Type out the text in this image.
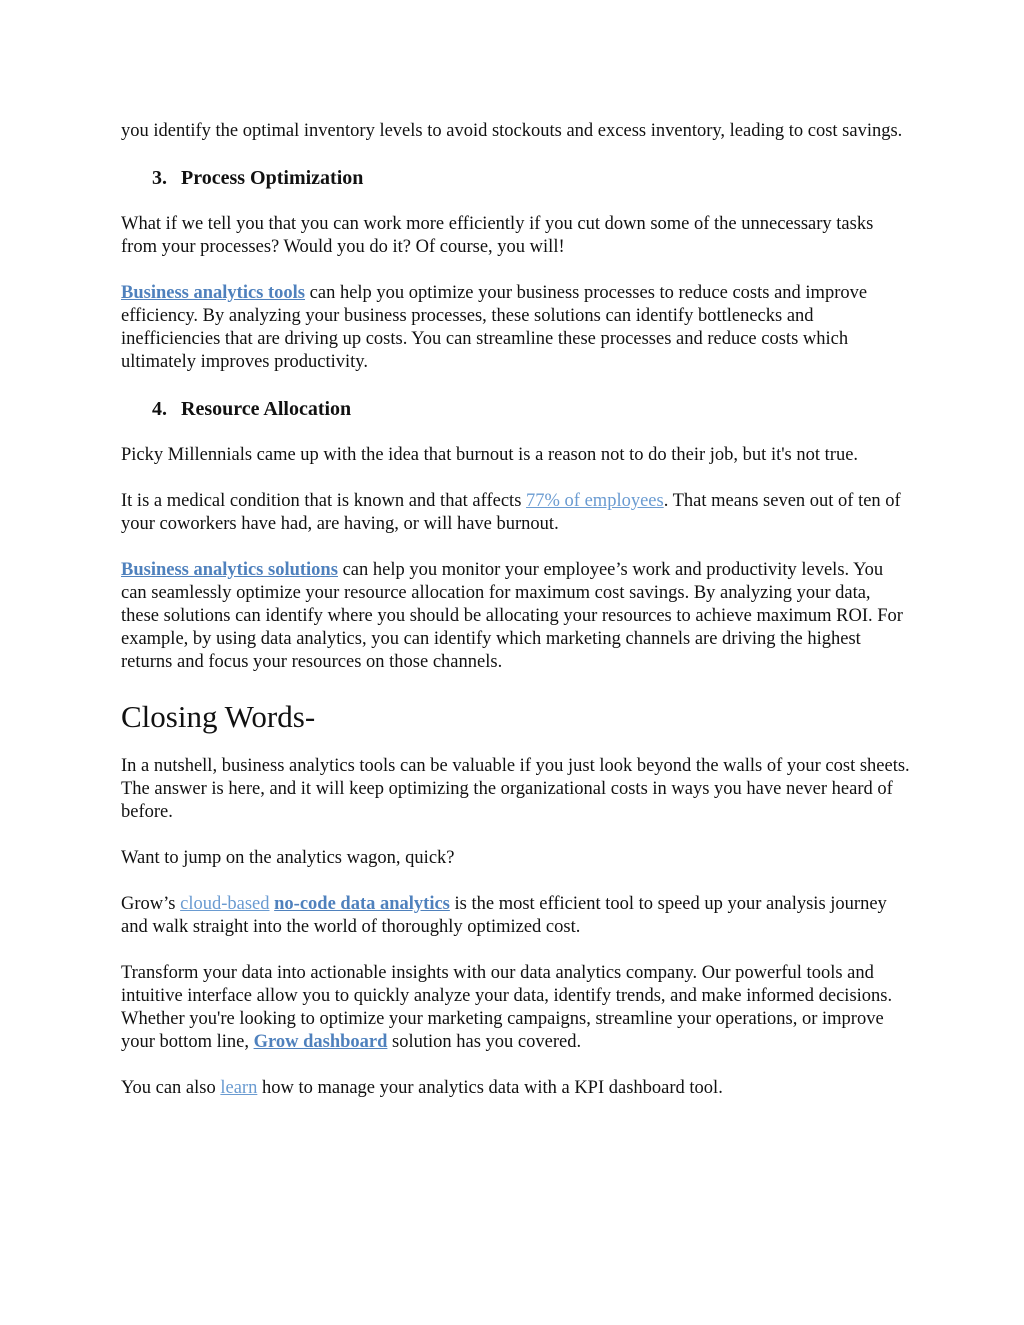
you identify the optimal inventory levels to avoid stockouts and excess inventory, leading to cost savings.

3. Process Optimization

What if we tell you that you can work more efficiently if you cut down some of the unnecessary tasks from your processes? Would you do it? Of course, you will!

Business analytics tools can help you optimize your business processes to reduce costs and improve efficiency. By analyzing your business processes, these solutions can identify bottlenecks and inefficiencies that are driving up costs. You can streamline these processes and reduce costs which ultimately improves productivity.

4. Resource Allocation

Picky Millennials came up with the idea that burnout is a reason not to do their job, but it's not true.

It is a medical condition that is known and that affects 77% of employees. That means seven out of ten of your coworkers have had, are having, or will have burnout.

Business analytics solutions can help you monitor your employee’s work and productivity levels. You can seamlessly optimize your resource allocation for maximum cost savings. By analyzing your data, these solutions can identify where you should be allocating your resources to achieve maximum ROI. For example, by using data analytics, you can identify which marketing channels are driving the highest returns and focus your resources on those channels.

Closing Words-

In a nutshell, business analytics tools can be valuable if you just look beyond the walls of your cost sheets. The answer is here, and it will keep optimizing the organizational costs in ways you have never heard of before.

Want to jump on the analytics wagon, quick?

Grow’s cloud-based no-code data analytics is the most efficient tool to speed up your analysis journey and walk straight into the world of thoroughly optimized cost.

Transform your data into actionable insights with our data analytics company. Our powerful tools and intuitive interface allow you to quickly analyze your data, identify trends, and make informed decisions. Whether you're looking to optimize your marketing campaigns, streamline your operations, or improve your bottom line, Grow dashboard solution has you covered.

You can also learn how to manage your analytics data with a KPI dashboard tool.
